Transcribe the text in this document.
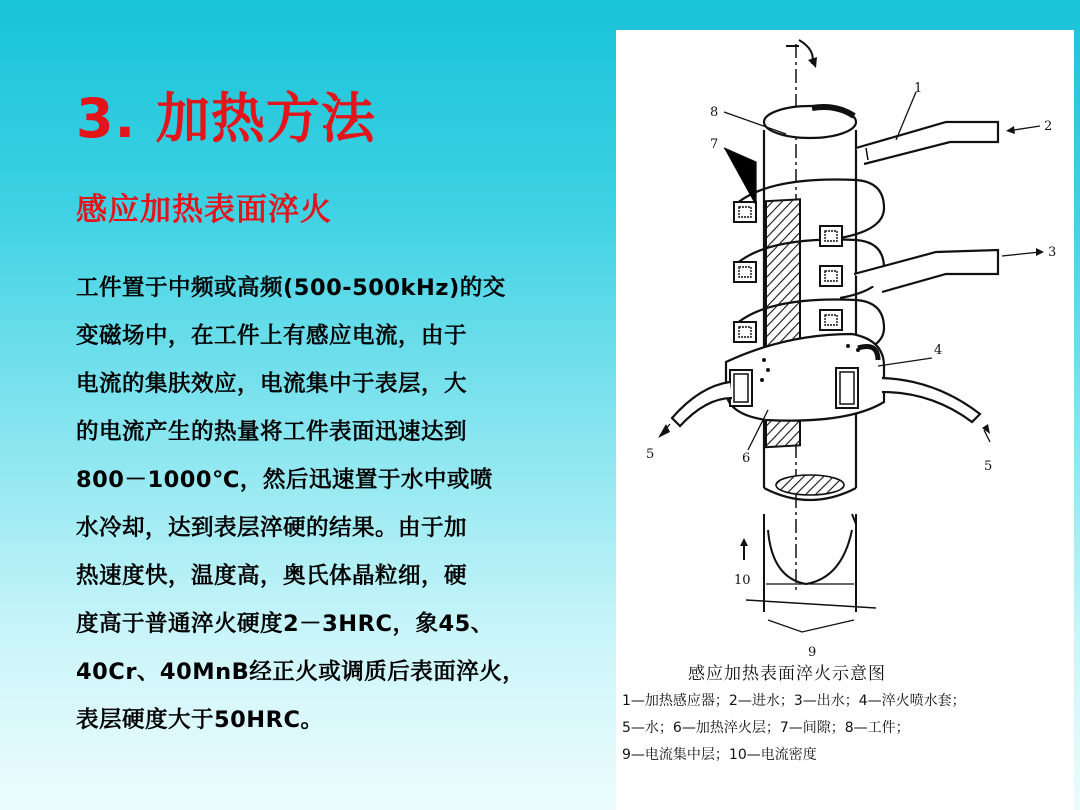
3. 加热方法
感应加热表面淬火
工件置于中频或高频(500-500kHz)的交
变磁场中，在工件上有感应电流，由于
电流的集肤效应，电流集中于表层，大
的电流产生的热量将工件表面迅速达到
800－1000℃，然后迅速置于水中或喷
水冷却，达到表层淬硬的结果。由于加
热速度快，温度高，奥氏体晶粒细，硬
度高于普通淬火硬度2－3HRC，象45、
40Cr、40MnB经正火或调质后表面淬火，
表层硬度大于50HRC。
1
2
3
4
5
5
6
7
8
9
10
感应加热表面淬火示意图
1—加热感应器；2—进水；3—出水；4—淬火喷水套；
5—水；6—加热淬火层；7—间隙；8—工件；
9—电流集中层；10—电流密度
